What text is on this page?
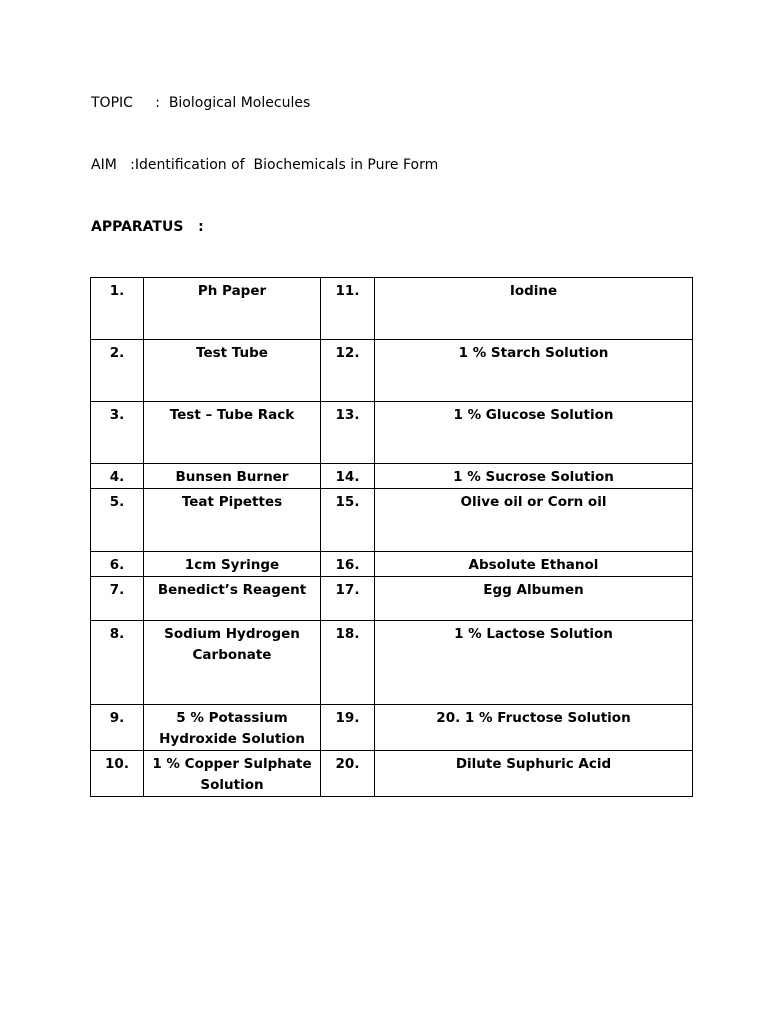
TOPIC : Biological Molecules
AIM :Identification of  Biochemicals in Pure Form
APPARATUS :
1.	Ph Paper	11.	Iodine
2.	Test Tube	12.	1 % Starch Solution
3.	Test – Tube Rack	13.	1 % Glucose Solution
4.	Bunsen Burner	14.	1 % Sucrose Solution
5.	Teat Pipettes	15.	Olive oil or Corn oil
6.	1cm Syringe	16.	Absolute Ethanol
7.	Benedict’s Reagent	17.	Egg Albumen
8.	Sodium Hydrogen Carbonate	18.	1 % Lactose Solution
9.	5 % Potassium Hydroxide Solution	19.	20. 1 % Fructose Solution
10.	1 % Copper Sulphate Solution	20.	Dilute Suphuric Acid
